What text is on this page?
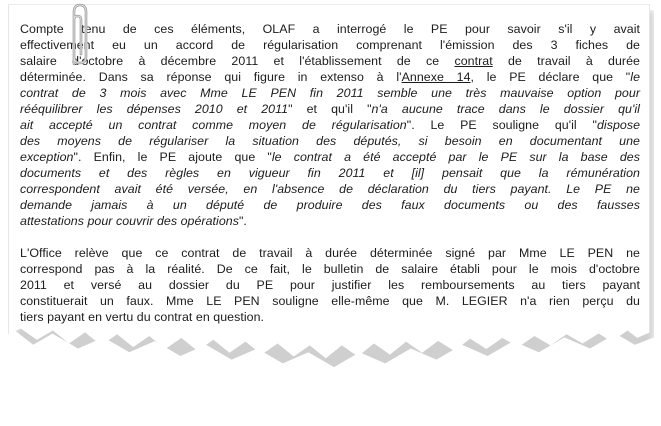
Compte tenu de ces éléments, OLAF a interrogé le PE pour savoir s'il y avait
effectivement eu un accord de régularisation comprenant l'émission des 3 fiches de
salaire d'octobre à décembre 2011 et l'établissement de ce contrat de travail à durée
déterminée. Dans sa réponse qui figure in extenso à l'Annexe 14, le PE déclare que "le
contrat de 3 mois avec Mme LE PEN fin 2011 semble une très mauvaise option pour
rééquilibrer les dépenses 2010 et 2011" et qu'il "n'a aucune trace dans le dossier qu'il
ait accepté un contrat comme moyen de régularisation". Le PE souligne qu'il "dispose
des moyens de régulariser la situation des députés, si besoin en documentant une
exception". Enfin, le PE ajoute que "le contrat a été accepté par le PE sur la base des
documents et des règles en vigueur fin 2011 et [il] pensait que la rémunération
correspondent avait été versée, en l'absence de déclaration du tiers payant. Le PE ne
demande jamais à un député de produire des faux documents ou des fausses
attestations pour couvrir des opérations".

L'Office relève que ce contrat de travail à durée déterminée signé par Mme LE PEN ne
correspond pas à la réalité. De ce fait, le bulletin de salaire établi pour le mois d'octobre
2011 et versé au dossier du PE pour justifier les remboursements au tiers payant
constituerait un faux. Mme LE PEN souligne elle-même que M. LEGIER n'a rien perçu du
tiers payant en vertu du contrat en question.
